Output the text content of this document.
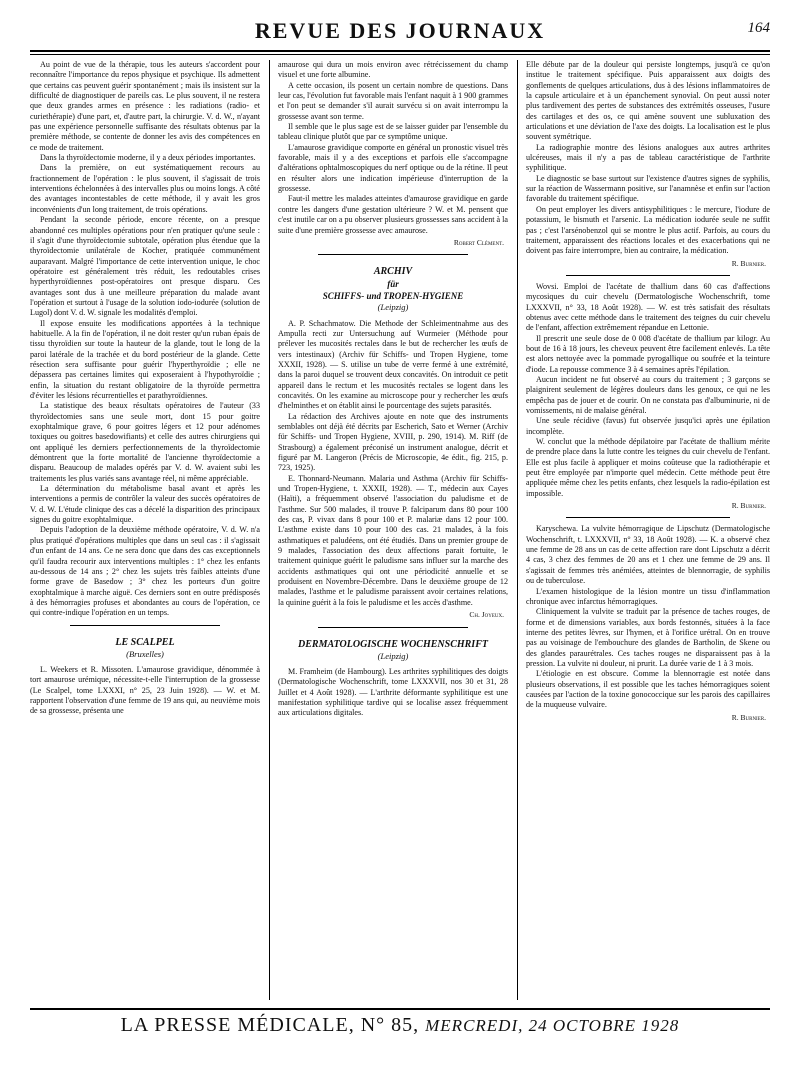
REVUE DES JOURNAUX	164

Au point de vue de la thérapie, tous les auteurs s'accordent pour reconnaître l'importance du repos physique et psychique. Ils admettent que certains cas peuvent guérir spontanément ; mais ils insistent sur la difficulté de diagnostiquer de pareils cas. Le plus souvent, il ne restera que deux grandes armes en présence : les radiations (radio- et curiethérapie) d'une part, et, d'autre part, la chirurgie. V. d. W., n'ayant pas une expérience personnelle suffisante des résultats obtenus par la première méthode, se contente de donner les avis des compétences en ce mode de traitement.

Dans la thyroïdectomie moderne, il y a deux périodes importantes.

Dans la première, on eut systématiquement recours au fractionnement de l'opération : le plus souvent, il s'agissait de trois interventions échelonnées à des intervalles plus ou moins longs. A côté des avantages incontestables de cette méthode, il y avait les gros inconvénients d'un long traitement, de trois opérations.

Pendant la seconde période, encore récente, on a presque abandonné ces multiples opérations pour n'en pratiquer qu'une seule : il s'agit d'une thyroïdectomie subtotale, opération plus étendue que la thyroïdectomie unilatérale de Kocher, pratiquée communément auparavant. Malgré l'importance de cette intervention unique, le choc opératoire est généralement très réduit, les redoutables crises hyperthyroïdiennes post-opératoires ont presque disparu. Ces avantages sont dus à une meilleure préparation du malade avant l'opération et surtout à l'usage de la solution iodo-iodurée (solution de Lugol) dont V. d. W. signale les modalités d'emploi.

Il expose ensuite les modifications apportées à la technique habituelle. A la fin de l'opération, il ne doit rester qu'un ruban épais de tissu thyroïdien sur toute la hauteur de la glande, tout le long de la paroi latérale de la trachée et du bord postérieur de la glande. Cette résection sera suffisante pour guérir l'hyperthyroïdie ; elle ne dépassera pas certaines limites qui exposeraient à l'hypothyroïdie ; enfin, la situation du restant obligatoire de la thyroïde permettra d'éviter les lésions récurrentielles et parathyroïdiennes.

La statistique des beaux résultats opératoires de l'auteur (33 thyroïdectomies sans une seule mort, dont 15 pour goitre exophtalmique grave, 6 pour goitres légers et 12 pour adénomes toxiques ou goitres basedowifiants) et celle des autres chirurgiens qui ont appliqué les derniers perfectionnements de la thyroïdectomie démontrent que la forte mortalité de l'ancienne thyroïdectomie a disparu. Beaucoup de malades opérés par V. d. W. avaient subi les traitements les plus variés sans avantage réel, ni même appréciable.

La détermination du métabolisme basal avant et après les interventions a permis de contrôler la valeur des succès opératoires de V. d. W. L'étude clinique des cas a décelé la disparition des principaux signes du goitre exophtalmique.

Depuis l'adoption de la deuxième méthode opératoire, V. d. W. n'a plus pratiqué d'opérations multiples que dans un seul cas : il s'agissait d'un enfant de 14 ans. Ce ne sera donc que dans des cas exceptionnels qu'il faudra recourir aux interventions multiples : 1° chez les enfants au-dessous de 14 ans ; 2° chez les sujets très faibles atteints d'une forme grave de Basedow ; 3° chez les porteurs d'un goitre exophtalmique à marche aiguë. Ces derniers sont en outre prédisposés à des hémorragies profuses et abondantes au cours de l'opération, ce qui contre-indique l'opération en un temps.

LE SCALPEL

(Bruxelles)

L. Weekers et R. Missoten. L'amaurose gravidique, dénommée à tort amaurose urémique, nécessite-t-elle l'interruption de la grossesse (Le Scalpel, tome LXXXI, n° 25, 23 Juin 1928). — W. et M. rapportent l'observation d'une femme de 19 ans qui, au neuvième mois de sa grossesse, présenta une

amaurose qui dura un mois environ avec rétrécissement du champ visuel et une forte albumine.

A cette occasion, ils posent un certain nombre de questions. Dans leur cas, l'évolution fut favorable mais l'enfant naquit à 1 900 grammes et l'on peut se demander s'il aurait survécu si on avait interrompu la grossesse avant son terme.

Il semble que le plus sage est de se laisser guider par l'ensemble du tableau clinique plutôt que par ce symptôme unique.

L'amaurose gravidique comporte en général un pronostic visuel très favorable, mais il y a des exceptions et parfois elle s'accompagne d'altérations ophtalmoscopiques du nerf optique ou de la rétine. Il peut en résulter alors une indication impérieuse d'interruption de la grossesse.

Faut-il mettre les malades atteintes d'amaurose gravidique en garde contre les dangers d'une gestation ultérieure ? W. et M. pensent que c'est inutile car on a pu observer plusieurs grossesses sans accident à la suite d'une première grossesse avec amaurose.

Robert Clément.

ARCHIV

für

SCHIFFS- und TROPEN-HYGIENE

(Leipzig)

A. P. Schachmatow. Die Methode der Schleimentnahme aus des Ampulla recti zur Untersuchung auf Wurmeier (Méthode pour prélever les mucosités rectales dans le but de rechercher les œufs de vers intestinaux) (Archiv für Schiffs- und Tropen Hygiene, tome XXXII, 1928). — S. utilise un tube de verre fermé à une extrémité, dans la paroi duquel se trouvent deux concavités. On introduit ce petit appareil dans le rectum et les mucosités rectales se logent dans les concavités. On les examine au microscope pour y rechercher les œufs d'helminthes et on établit ainsi le pourcentage des sujets parasités.

La rédaction des Archives ajoute en note que des instruments semblables ont déjà été décrits par Escherich, Sato et Werner (Archiv für Schiffs- und Tropen Hygiene, XVIII, p. 290, 1914). M. Riff (de Strasbourg) a également préconisé un instrument analogue, décrit et figuré par M. Langeron (Précis de Microscopie, 4e édit., fig. 215, p. 723, 1925).

E. Thonnard-Neumann. Malaria und Asthma (Archiv für Schiffs- und Tropen-Hygiene, t. XXXII, 1928). — T., médecin aux Cayes (Haïti), a fréquemment observé l'association du paludisme et de l'asthme. Sur 500 malades, il trouve P. falciparum dans 80 pour 100 des cas, P. vivax dans 8 pour 100 et P. malariæ dans 12 pour 100. L'asthme existe dans 10 pour 100 des cas. 21 malades, à la fois asthmatiques et paludéens, ont été étudiés. Dans un premier groupe de 9 malades, l'association des deux affections parait fortuite, le traitement quinique guérit le paludisme sans influer sur la marche des accidents asthmatiques qui ont une périodicité annuelle et se produisent en Novembre-Décembre. Dans le deuxième groupe de 12 malades, l'asthme et le paludisme paraissent avoir certaines relations, la quinine guérit à la fois le paludisme et les accès d'asthme.

Ch. Joyeux.

DERMATOLOGISCHE WOCHENSCHRIFT

(Leipzig)

M. Framheim (de Hambourg). Les arthrites syphilitiques des doigts (Dermatologische Wochenschrift, tome LXXXVII, nos 30 et 31, 28 Juillet et 4 Août 1928). — L'arthrite déformante syphilitique est une manifestation syphilitique tardive qui se localise assez fréquemment aux articulations digitales.

Elle débute par de la douleur qui persiste longtemps, jusqu'à ce qu'on institue le traitement spécifique. Puis apparaissent aux doigts des gonflements de quelques articulations, dus à des lésions inflammatoires de la capsule articulaire et à un épanchement synovial. On peut aussi noter plus tardivement des pertes de substances des extrémités osseuses, l'usure des cartilages et des os, ce qui amène souvent une subluxation des articulations et une déviation de l'axe des doigts. La localisation est le plus souvent symétrique.

La radiographie montre des lésions analogues aux autres arthrites ulcéreuses, mais il n'y a pas de tableau caractéristique de l'arthrite syphilitique.

Le diagnostic se base surtout sur l'existence d'autres signes de syphilis, sur la réaction de Wassermann positive, sur l'anamnèse et enfin sur l'action favorable du traitement spécifique.

On peut employer les divers antisyphilitiques : le mercure, l'iodure de potassium, le bismuth et l'arsenic. La médication iodurée seule ne suffit pas ; c'est l'arsénobenzol qui se montre le plus actif. Parfois, au cours du traitement, apparaissent des réactions locales et des exacerbations qui ne doivent pas faire interrompre, bien au contraire, la médication.

R. Burnier.

Wovsi. Emploi de l'acétate de thallium dans 60 cas d'affections mycosiques du cuir chevelu (Dermatologische Wochenschrift, tome LXXXVII, n° 33, 18 Août 1928). — W. est très satisfait des résultats obtenus avec cette méthode dans le traitement des teignes du cuir chevelu de l'enfant, affection extrêmement répandue en Lettonie.

Il prescrit une seule dose de 0 008 d'acétate de thallium par kilogr. Au bout de 16 à 18 jours, les cheveux peuvent être facilement enlevés. La tête est alors nettoyée avec la pommade pyrogallique ou soufrée et la teinture d'iode. La repousse commence 3 à 4 semaines après l'épilation.

Aucun incident ne fut observé au cours du traitement ; 3 garçons se plaignirent seulement de légères douleurs dans les genoux, ce qui ne les empêcha pas de jouer et de courir. On ne constata pas d'albuminurie, ni de vomissements, ni de malaise général.

Une seule récidive (favus) fut observée jusqu'ici après une épilation incomplète.

W. conclut que la méthode dépilatoire par l'acétate de thallium mérite de prendre place dans la lutte contre les teignes du cuir chevelu de l'enfant. Elle est plus facile à appliquer et moins coûteuse que la radiothérapie et peut être employée par n'importe quel médecin. Cette méthode peut être appliquée même chez les petits enfants, chez lesquels la radio-épilation est impossible.

R. Burnier.

Karyschewa. La vulvite hémorragique de Lipschutz (Dermatologische Wochenschrift, t. LXXXVII, n° 33, 18 Août 1928). — K. a observé chez une femme de 28 ans un cas de cette affection rare dont Lipschutz a décrit 4 cas, 3 chez des femmes de 20 ans et 1 chez une femme de 29 ans. Il s'agissait de femmes très anémiées, atteintes de blennorragie, de syphilis ou de tuberculose.

L'examen histologique de la lésion montre un tissu d'inflammation chronique avec infarctus hémorragiques.

Cliniquement la vulvite se traduit par la présence de taches rouges, de forme et de dimensions variables, aux bords festonnés, situées à la face interne des petites lèvres, sur l'hymen, et à l'orifice urétral. On en trouve pas au voisinage de l'embouchure des glandes de Bartholin, de Skene ou des glandes paraurétrales. Ces taches rouges ne disparaissent pas à la pression. La vulvite ni douleur, ni prurit. La durée varie de 1 à 3 mois.

L'étiologie en est obscure. Comme la blennorragie est notée dans plusieurs observations, il est possible que les taches hémorragiques soient causées par l'action de la toxine gonococcique sur les parois des capillaires de la muqueuse vulvaire.

R. Burnier.

LA PRESSE MÉDICALE, N° 85, MERCREDI, 24 OCTOBRE 1928
